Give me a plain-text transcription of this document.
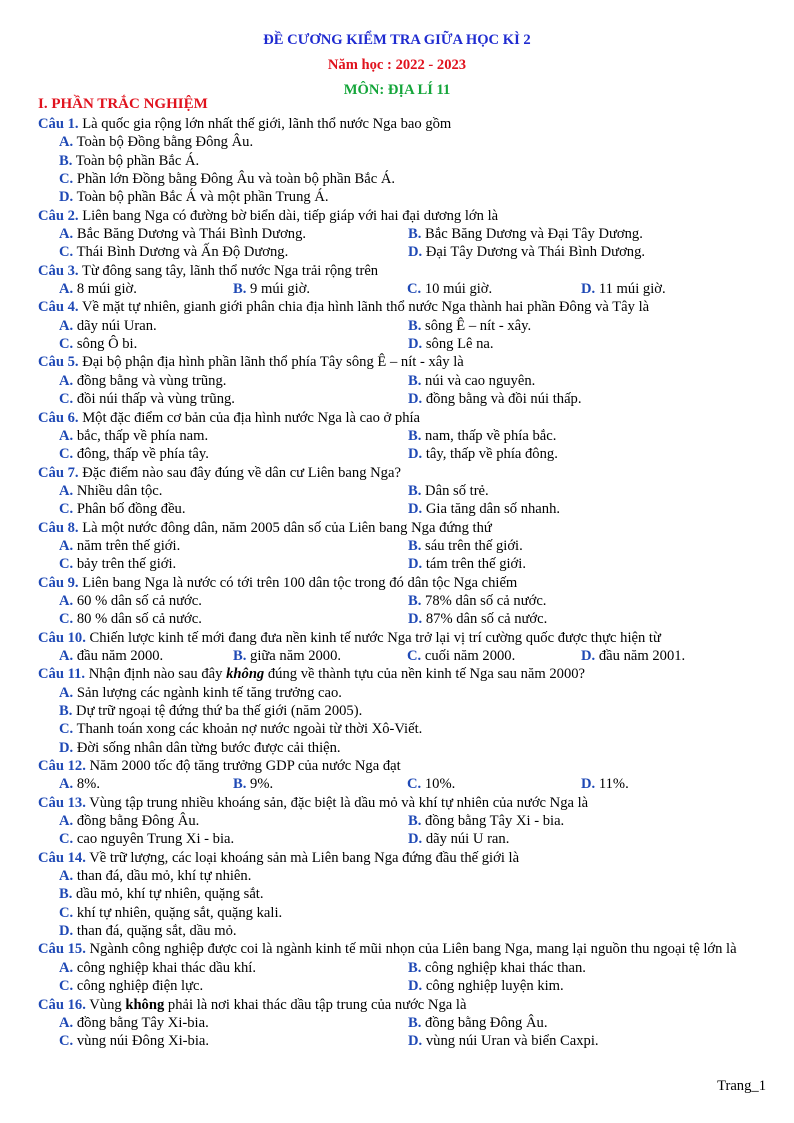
ĐỀ CƯƠNG KIỂM TRA GIỮA HỌC KÌ 2
Năm học : 2022 - 2023
MÔN: ĐỊA LÍ 11
I. PHẦN TRẮC NGHIỆM
Câu 1. Là quốc gia rộng lớn nhất thế giới, lãnh thổ nước Nga bao gồm
A. Toàn bộ Đồng bằng Đông Âu.
B. Toàn bộ phần Bắc Á.
C. Phần lớn Đồng bằng Đông Âu và toàn bộ phần Bắc Á.
D. Toàn bộ phần Bắc Á và một phần Trung Á.
Câu 2. Liên bang Nga có đường bờ biển dài, tiếp giáp với hai đại dương lớn là
A. Bắc Băng Dương và Thái Bình Dương.	B. Bắc Băng Dương và Đại Tây Dương.
C. Thái Bình Dương và Ấn Độ Dương.	D. Đại Tây Dương và Thái Bình Dương.
Câu 3. Từ đông sang tây, lãnh thổ nước Nga trải rộng trên
A. 8 múi giờ.	B. 9 múi giờ.	C. 10 múi giờ.	D. 11 múi giờ.
Câu 4. Về mặt tự nhiên, gianh giới phân chia địa hình lãnh thổ nước Nga thành hai phần Đông và Tây là
A. dãy núi Uran.	B. sông Ê – nít - xây.
C. sông Ô bi.	D. sông Lê na.
Câu 5. Đại bộ phận địa hình phần lãnh thổ phía Tây sông Ê – nít - xây là
A. đồng bằng và vùng trũng.	B. núi và cao nguyên.
C. đồi núi thấp và vùng trũng.	D. đồng bằng và đồi núi thấp.
Câu 6. Một đặc điểm cơ bản của địa hình nước Nga là cao ở phía
A. bắc, thấp về phía nam.	B. nam, thấp về phía bắc.
C. đông, thấp về phía tây.	D. tây, thấp về phía đông.
Câu 7. Đặc điểm nào sau đây đúng về dân cư Liên bang Nga?
A. Nhiều dân tộc.	B. Dân số trẻ.
C. Phân bố đồng đều.	D. Gia tăng dân số nhanh.
Câu 8. Là một nước đông dân, năm 2005 dân số của Liên bang Nga đứng thứ
A. năm trên thế giới.	B. sáu trên thế giới.
C. bảy trên thế giới.	D. tám trên thế giới.
Câu 9. Liên bang Nga là nước có tới trên 100 dân tộc trong đó dân tộc Nga chiếm
A. 60 % dân số cả nước.	B. 78% dân số cả nước.
C. 80 % dân số cả nước.	D. 87% dân số cả nước.
Câu 10. Chiến lược kinh tế mới đang đưa nền kinh tế nước Nga trở lại vị trí cường quốc được thực hiện từ
A. đầu năm 2000.	B. giữa năm 2000.	C. cuối năm 2000.	D. đầu năm 2001.
Câu 11. Nhận định nào sau đây không đúng về thành tựu của nền kinh tế Nga sau năm 2000?
A. Sản lượng các ngành kinh tế tăng trưởng cao.
B. Dự trữ ngoại tệ đứng thứ ba thế giới (năm 2005).
C. Thanh toán xong các khoản nợ nước ngoài từ thời Xô-Viết.
D. Đời sống nhân dân từng bước được cải thiện.
Câu 12. Năm 2000 tốc độ tăng trưởng GDP của nước Nga đạt
A. 8%.	B. 9%.	C. 10%.	D. 11%.
Câu 13. Vùng tập trung nhiều khoáng sản, đặc biệt là dầu mỏ và khí tự nhiên của nước Nga là
A. đồng bằng Đông Âu.	B. đồng bằng Tây Xi - bia.
C. cao nguyên Trung Xi - bia.	D. dãy núi U ran.
Câu 14. Về trữ lượng, các loại khoáng sản mà Liên bang Nga đứng đầu thế giới là
A. than đá, dầu mỏ, khí tự nhiên.
B. dầu mỏ, khí tự nhiên, quặng sắt.
C. khí tự nhiên, quặng sắt, quặng kali.
D. than đá, quặng sắt, dầu mỏ.
Câu 15. Ngành công nghiệp được coi là ngành kinh tế mũi nhọn của Liên bang Nga, mang lại nguồn thu ngoại tệ lớn là
A. công nghiệp khai thác dầu khí.	B. công nghiệp khai thác than.
C. công nghiệp điện lực.	D. công nghiệp luyện kim.
Câu 16. Vùng không phải là nơi khai thác dầu tập trung của nước Nga là
A. đồng bằng Tây Xi-bia.	B. đồng bằng Đông Âu.
C. vùng núi Đông Xi-bia.	D. vùng núi Uran và biển Caxpi.
Trang_1
